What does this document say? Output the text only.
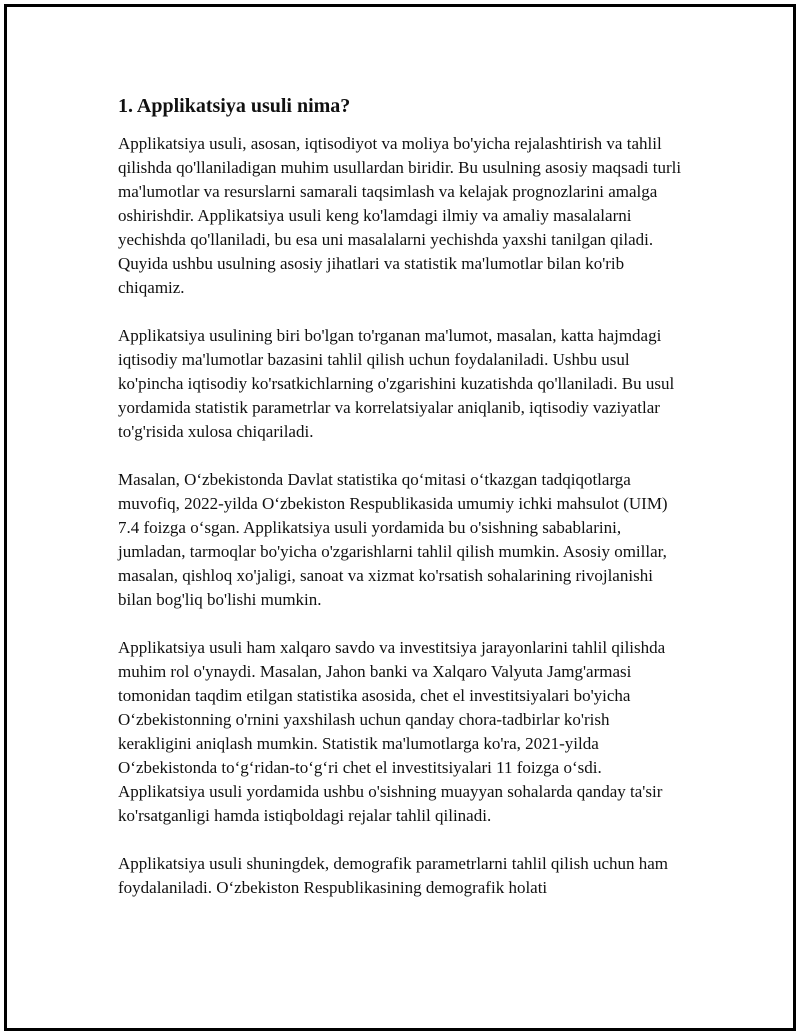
1. Applikatsiya usuli nima?

Applikatsiya usuli, asosan, iqtisodiyot va moliya bo'yicha rejalashtirish va tahlil qilishda qo'llaniladigan muhim usullardan biridir. Bu usulning asosiy maqsadi turli ma'lumotlar va resurslarni samarali taqsimlash va kelajak prognozlarini amalga oshirishdir. Applikatsiya usuli keng ko'lamdagi ilmiy va amaliy masalalarni yechishda qo'llaniladi, bu esa uni masalalarni yechishda yaxshi tanilgan qiladi. Quyida ushbu usulning asosiy jihatlari va statistik ma'lumotlar bilan ko'rib chiqamiz.

Applikatsiya usulining biri bo'lgan to'rganan ma'lumot, masalan, katta hajmdagi iqtisodiy ma'lumotlar bazasini tahlil qilish uchun foydalaniladi. Ushbu usul ko'pincha iqtisodiy ko'rsatkichlarning o'zgarishini kuzatishda qo'llaniladi. Bu usul yordamida statistik parametrlar va korrelatsiyalar aniqlanib, iqtisodiy vaziyatlar to'g'risida xulosa chiqariladi.

Masalan, O‘zbekistonda Davlat statistika qo‘mitasi o‘tkazgan tadqiqotlarga muvofiq, 2022-yilda O‘zbekiston Respublikasida umumiy ichki mahsulot (UIM) 7.4 foizga o‘sgan. Applikatsiya usuli yordamida bu o'sishning sabablarini, jumladan, tarmoqlar bo'yicha o'zgarishlarni tahlil qilish mumkin. Asosiy omillar, masalan, qishloq xo'jaligi, sanoat va xizmat ko'rsatish sohalarining rivojlanishi bilan bog'liq bo'lishi mumkin.

Applikatsiya usuli ham xalqaro savdo va investitsiya jarayonlarini tahlil qilishda muhim rol o'ynaydi. Masalan, Jahon banki va Xalqaro Valyuta Jamg'armasi tomonidan taqdim etilgan statistika asosida, chet el investitsiyalari bo'yicha O‘zbekistonning o'rnini yaxshilash uchun qanday chora-tadbirlar ko'rish kerakligini aniqlash mumkin. Statistik ma'lumotlarga ko'ra, 2021-yilda O‘zbekistonda to‘g‘ridan-to‘g‘ri chet el investitsiyalari 11 foizga o‘sdi. Applikatsiya usuli yordamida ushbu o'sishning muayyan sohalarda qanday ta'sir ko'rsatganligi hamda istiqboldagi rejalar tahlil qilinadi.

Applikatsiya usuli shuningdek, demografik parametrlarni tahlil qilish uchun ham foydalaniladi. O‘zbekiston Respublikasining demografik holati
